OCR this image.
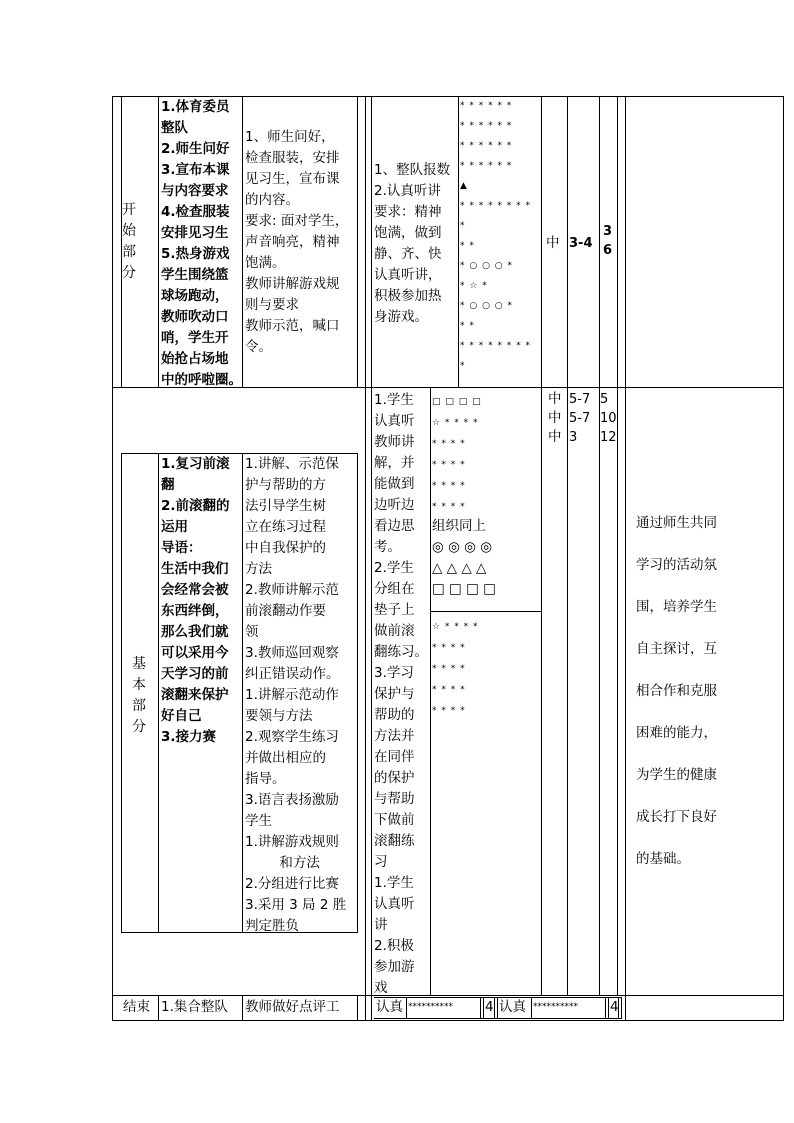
开
始
部
分
1.体育委员
整队
2.师生问好
3.宣布本课
与内容要求
4.检查服装
安排见习生
5.热身游戏
学生围绕篮
球场跑动，
教师吹动口
哨，学生开
始抢占场地
中的呼啦圈。
1、师生问好，
检查服装，安排
见习生，宣布课
的内容。
要求: 面对学生，
声音响亮，精神
饱满。
教师讲解游戏规
则与要求
教师示范，喊口
令。
1、整队报数
2.认真听讲
要求：精神
饱满，做到
静、齐、快
认真听讲，
积极参加热
身游戏。
* * * * * *
* * * * * *
* * * * * *
* * * * * *
▲
* * * * * * * *
*
* *
* ○ ○ ○ *
* ☆ *
* ○ ○ ○ *
* *
* * * * * * * *
*
中 3-4
3
6
基
本
部
分
1.复习前滚
翻
2.前滚翻的
运用
导语：
生活中我们
会经常会被
东西绊倒，
那么我们就
可以采用今
天学习的前
滚翻来保护
好自己
3.接力赛
1.讲解、示范保
护与帮助的方
法引导学生树
立在练习过程
中自我保护的
方法
2.教师讲解示范
前滚翻动作要
领
3.教师巡回观察
纠正错误动作。
1.讲解示范动作
要领与方法
2.观察学生练习
并做出相应的
指导。
3.语言表扬激励
学生
1.讲解游戏规则
和方法
2.分组进行比赛
3.采用 3 局 2 胜
判定胜负
1.学生
认真听
教师讲
解，并
能做到
边听边
看边思
考。
2.学生
分组在
垫子上
做前滚
翻练习。
3.学习
保护与
帮助的
方法并
在同伴
的保护
与帮助
下做前
滚翻练
习
1.学生
认真听
讲
2.积极
参加游
戏
□ □ □ □
☆ * * * *
* * * *
* * * *
* * * *
* * * *
组织同上
◎ ◎ ◎ ◎
△ △ △ △
□ □ □ □
☆ * * * *
* * * *
* * * *
* * * *
* * * *
中
中
中
5-7
5-7
3
5
10
12
通过师生共同
学习的活动氛
围，培养学生
自主探讨，互
相合作和克服
困难的能力，
为学生的健康
成长打下良好
的基础。
结束 1.集合整队 教师做好点评工	认真 ********** 4 认真 ********** 4
